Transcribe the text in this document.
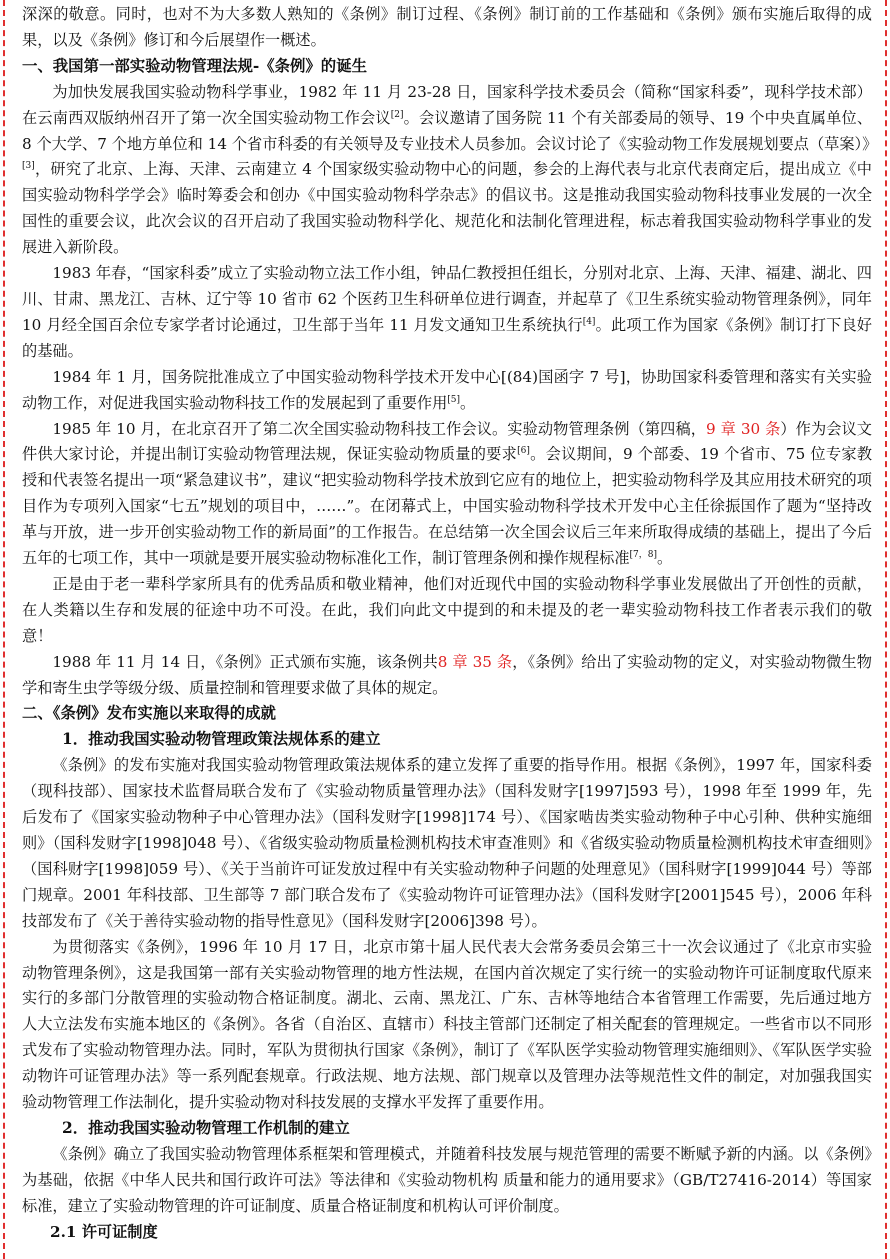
深深的敬意。同时，也对不为大多数人熟知的《条例》制订过程、《条例》制订前的工作基础和《条例》颁布实施后取得的成果，以及《条例》修订和今后展望作一概述。

一、我国第一部实验动物管理法规-《条例》的诞生

为加快发展我国实验动物科学事业，1982 年 11 月 23-28 日，国家科学技术委员会（简称“国家科委”，现科学技术部）在云南西双版纳州召开了第一次全国实验动物工作会议[2]。会议邀请了国务院 11 个有关部委局的领导、19 个中央直属单位、8 个大学、7 个地方单位和 14 个省市科委的有关领导及专业技术人员参加。会议讨论了《实验动物工作发展规划要点（草案）》[3]，研究了北京、上海、天津、云南建立 4 个国家级实验动物中心的问题，参会的上海代表与北京代表商定后，提出成立《中国实验动物科学学会》临时筹委会和创办《中国实验动物科学杂志》的倡议书。这是推动我国实验动物科技事业发展的一次全国性的重要会议，此次会议的召开启动了我国实验动物科学化、规范化和法制化管理进程，标志着我国实验动物科学事业的发展进入新阶段。

1983 年春，“国家科委”成立了实验动物立法工作小组，钟品仁教授担任组长，分别对北京、上海、天津、福建、湖北、四川、甘肃、黑龙江、吉林、辽宁等 10 省市 62 个医药卫生科研单位进行调查，并起草了《卫生系统实验动物管理条例》，同年 10 月经全国百余位专家学者讨论通过，卫生部于当年 11 月发文通知卫生系统执行[4]。此项工作为国家《条例》制订打下良好的基础。

1984 年 1 月，国务院批准成立了中国实验动物科学技术开发中心[(84)国函字 7 号]，协助国家科委管理和落实有关实验动物工作，对促进我国实验动物科技工作的发展起到了重要作用[5]。

1985 年 10 月，在北京召开了第二次全国实验动物科技工作会议。实验动物管理条例（第四稿，9 章 30 条）作为会议文件供大家讨论，并提出制订实验动物管理法规，保证实验动物质量的要求[6]。会议期间，9 个部委、19 个省市、75 位专家教授和代表签名提出一项“紧急建议书”，建议“把实验动物科学技术放到它应有的地位上，把实验动物科学及其应用技术研究的项目作为专项列入国家“七五”规划的项目中，……”。在闭幕式上，中国实验动物科学技术开发中心主任徐振国作了题为“坚持改革与开放，进一步开创实验动物工作的新局面”的工作报告。在总结第一次全国会议后三年来所取得成绩的基础上，提出了今后五年的七项工作，其中一项就是要开展实验动物标准化工作，制订管理条例和操作规程标准[7，8]。

正是由于老一辈科学家所具有的优秀品质和敬业精神，他们对近现代中国的实验动物科学事业发展做出了开创性的贡献，在人类籍以生存和发展的征途中功不可没。在此，我们向此文中提到的和未提及的老一辈实验动物科技工作者表示我们的敬意！

1988 年 11 月 14 日，《条例》正式颁布实施，该条例共8 章 35 条，《条例》给出了实验动物的定义，对实验动物微生物学和寄生虫学等级分级、质量控制和管理要求做了具体的规定。

二、《条例》发布实施以来取得的成就
1．推动我国实验动物管理政策法规体系的建立

《条例》的发布实施对我国实验动物管理政策法规体系的建立发挥了重要的指导作用。根据《条例》，1997 年，国家科委（现科技部）、国家技术监督局联合发布了《实验动物质量管理办法》（国科发财字[1997]593 号），1998 年至 1999 年，先后发布了《国家实验动物种子中心管理办法》（国科发财字[1998]174 号）、《国家啮齿类实验动物种子中心引种、供种实施细则》（国科发财字[1998]048 号）、《省级实验动物质量检测机构技术审查准则》和《省级实验动物质量检测机构技术审查细则》（国科财字[1998]059 号）、《关于当前许可证发放过程中有关实验动物种子问题的处理意见》（国科财字[1999]044 号）等部门规章。2001 年科技部、卫生部等 7 部门联合发布了《实验动物许可证管理办法》（国科发财字[2001]545 号），2006 年科技部发布了《关于善待实验动物的指导性意见》（国科发财字[2006]398 号）。

为贯彻落实《条例》，1996 年 10 月 17 日，北京市第十届人民代表大会常务委员会第三十一次会议通过了《北京市实验动物管理条例》，这是我国第一部有关实验动物管理的地方性法规，在国内首次规定了实行统一的实验动物许可证制度取代原来实行的多部门分散管理的实验动物合格证制度。湖北、云南、黑龙江、广东、吉林等地结合本省管理工作需要，先后通过地方人大立法发布实施本地区的《条例》。各省（自治区、直辖市）科技主管部门还制定了相关配套的管理规定。一些省市以不同形式发布了实验动物管理办法。同时，军队为贯彻执行国家《条例》，制订了《军队医学实验动物管理实施细则》、《军队医学实验动物许可证管理办法》等一系列配套规章。行政法规、地方法规、部门规章以及管理办法等规范性文件的制定，对加强我国实验动物管理工作法制化，提升实验动物对科技发展的支撑水平发挥了重要作用。

2．推动我国实验动物管理工作机制的建立

《条例》确立了我国实验动物管理体系框架和管理模式，并随着科技发展与规范管理的需要不断赋予新的内涵。以《条例》为基础，依据《中华人民共和国行政许可法》等法律和《实验动物机构 质量和能力的通用要求》（GB/T27416-2014）等国家标准，建立了实验动物管理的许可证制度、质量合格证制度和机构认可评价制度。

2.1 许可证制度
